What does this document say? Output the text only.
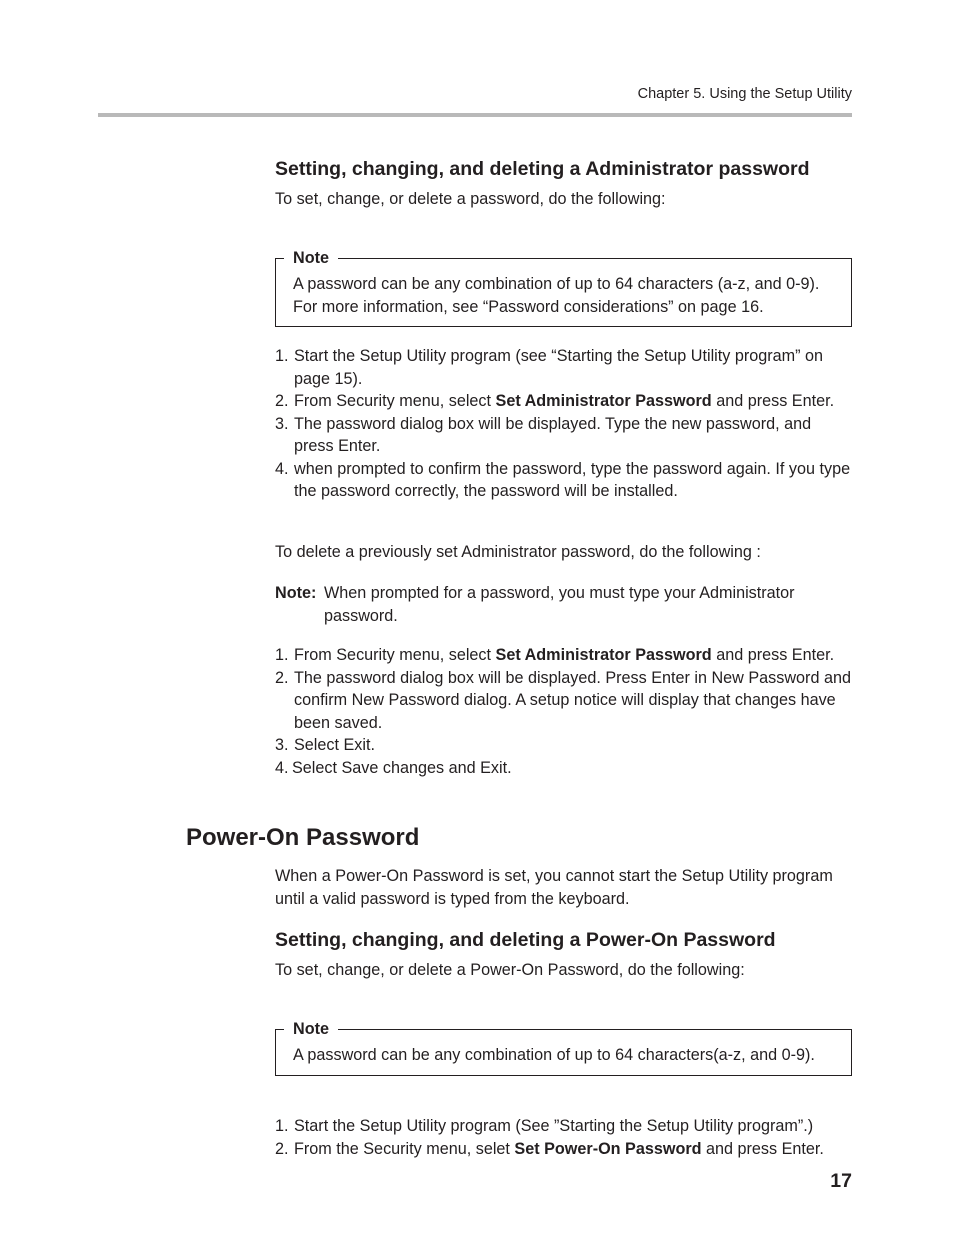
Chapter 5. Using the Setup Utility
Setting, changing, and deleting a Administrator password

To set, change, or delete a password, do the following:

Note
A password can be any combination of up to 64 characters (a-z, and 0-9). For more information, see “Password considerations” on page 16.
1. Start the Setup Utility program (see “Starting the Setup Utility program” on page 15).
2. From Security menu, select Set Administrator Password and press Enter.
3. The password dialog box will be displayed. Type the new password, and press Enter.
4. when prompted to confirm the password, type the password again. If you type the password correctly, the password will be installed.

To delete a previously set Administrator password, do the following :

Note: When prompted for a password, you must type your Administrator password.
1. From Security menu, select Set Administrator Password and press Enter.
2. The password dialog box will be displayed. Press Enter in New Password and confirm New Password dialog. A setup notice will display that changes have been saved.
3. Select Exit.
4. Select Save changes and Exit.
Power-On Password

When a Power-On Password is set, you cannot start the Setup Utility program until a valid password is typed from the keyboard.

Setting, changing, and deleting a Power-On Password

To set, change, or delete a Power-On Password, do the following:

Note
A password can be any combination of up to 64 characters(a-z, and 0-9).
1. Start the Setup Utility program (See ”Starting the Setup Utility program”.)
2. From the Security menu, selet Set Power-On Password and press Enter.
17
